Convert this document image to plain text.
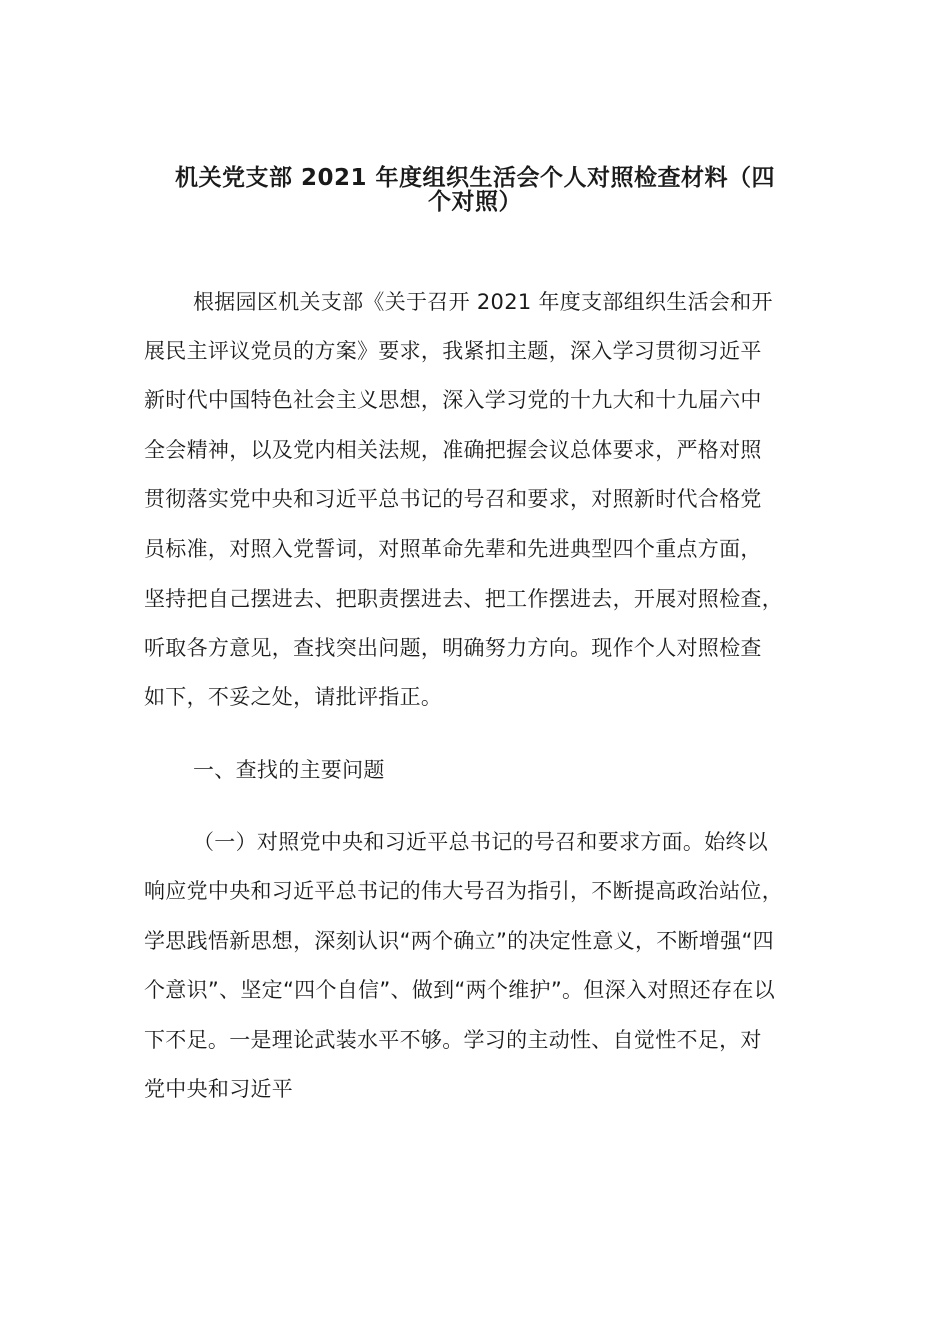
机关党支部 2021 年度组织生活会个人对照检查材料（四
个对照）
根据园区机关支部《关于召开 2021 年度支部组织生活会和开
展民主评议党员的方案》要求，我紧扣主题，深入学习贯彻习近平
新时代中国特色社会主义思想，深入学习党的十九大和十九届六中
全会精神，以及党内相关法规，准确把握会议总体要求，严格对照
贯彻落实党中央和习近平总书记的号召和要求，对照新时代合格党
员标准，对照入党誓词，对照革命先辈和先进典型四个重点方面，
坚持把自己摆进去、把职责摆进去、把工作摆进去，开展对照检查，
听取各方意见，查找突出问题，明确努力方向。现作个人对照检查
如下，不妥之处，请批评指正。
一、查找的主要问题
（一）对照党中央和习近平总书记的号召和要求方面。始终以
响应党中央和习近平总书记的伟大号召为指引，不断提高政治站位，
学思践悟新思想，深刻认识“两个确立”的决定性意义，不断增强“四
个意识”、坚定“四个自信”、做到“两个维护”。但深入对照还存在以
下不足。一是理论武装水平不够。学习的主动性、自觉性不足，对
党中央和习近平
